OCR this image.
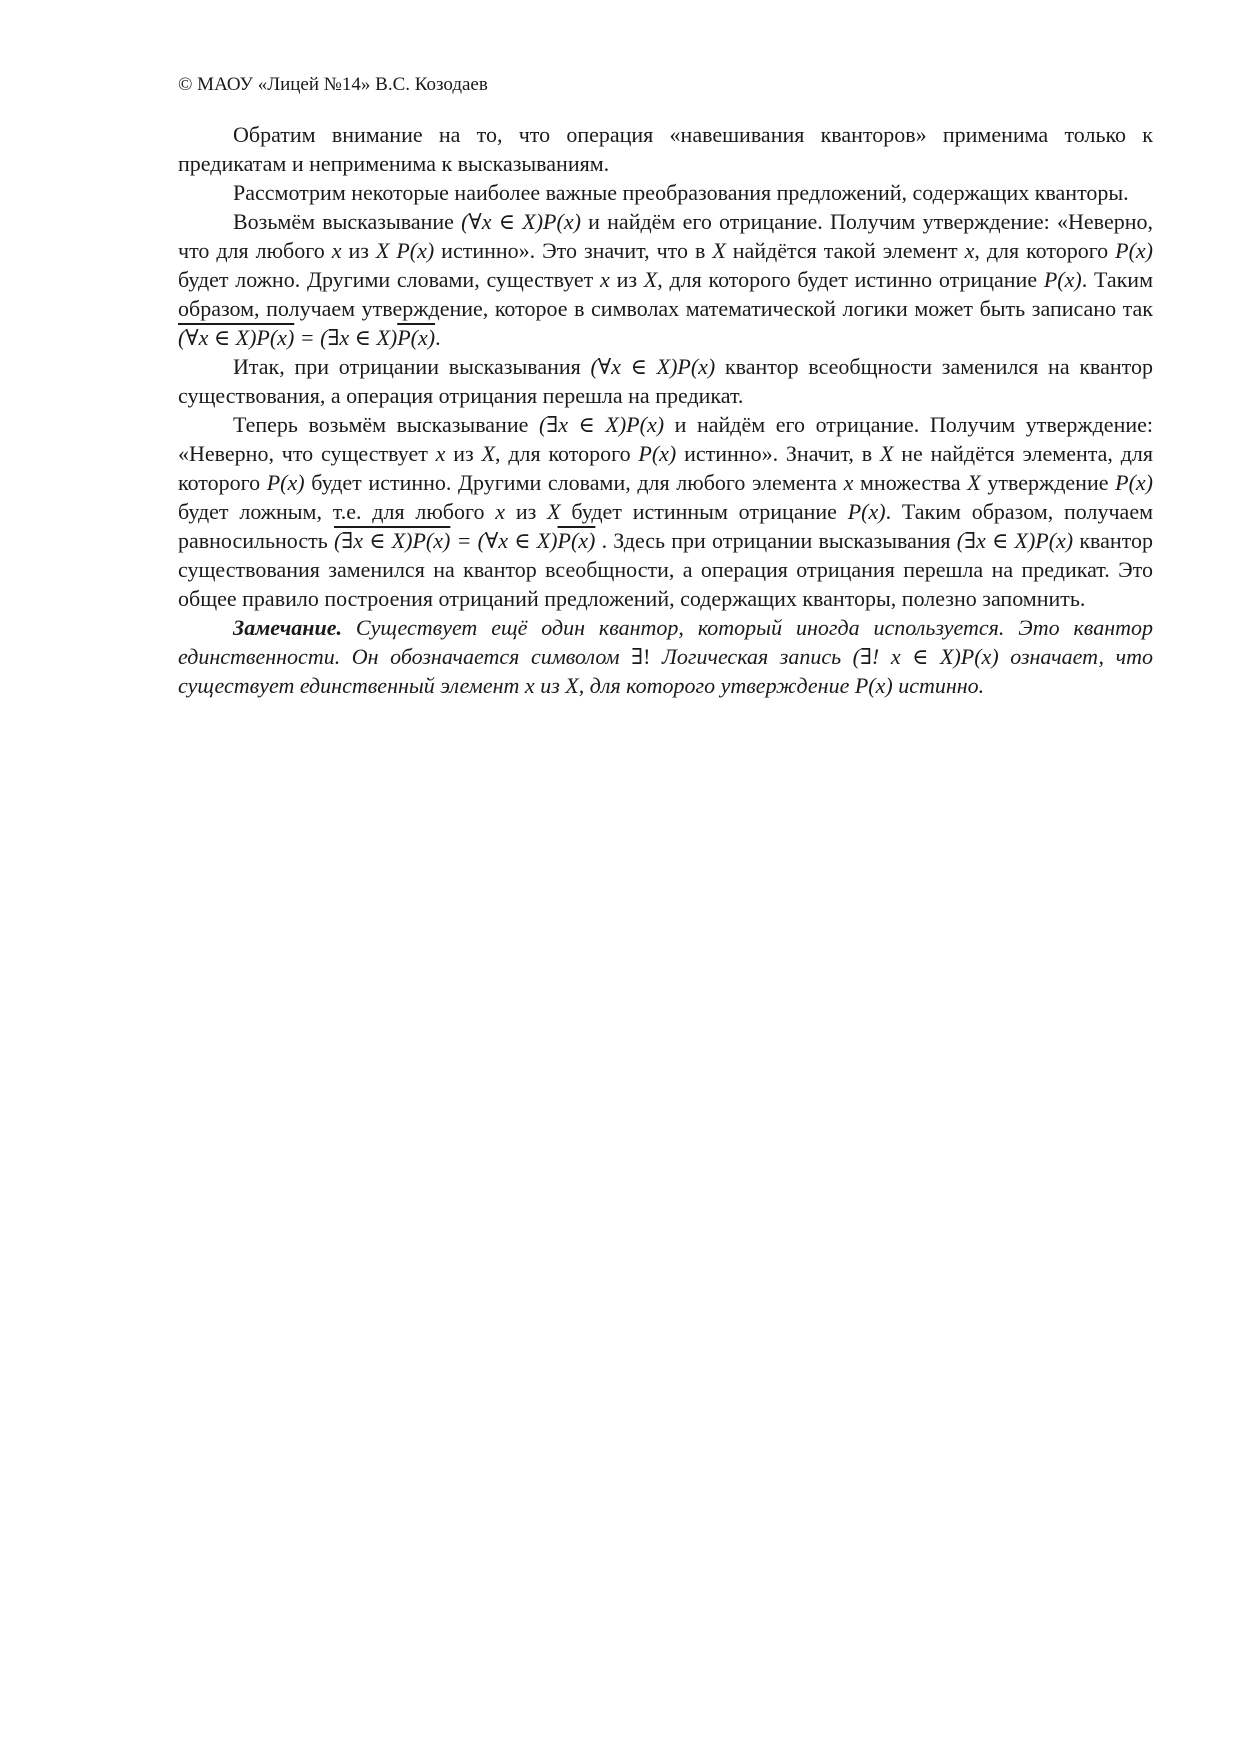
© МАОУ «Лицей №14» В.С. Козодаев

Обратим внимание на то, что операция «навешивания кванторов» применима только к предикатам и неприменима к высказываниям.

Рассмотрим некоторые наиболее важные преобразования предложений, содержащих кванторы.

Возьмём высказывание (∀x ∈ X)P(x) и найдём его отрицание. Получим утверждение: «Неверно, что для любого x из X P(x) истинно». Это значит, что в X найдётся такой элемент x, для которого P(x) будет ложно. Другими словами, существует x из X, для которого будет истинно отрицание P(x). Таким образом, получаем утверждение, которое в символах математической логики может быть записано так (∀x ∈ X)P(x) = (∃x ∈ X)P(x).

Итак, при отрицании высказывания (∀x ∈ X)P(x) квантор всеобщности заменился на квантор существования, а операция отрицания перешла на предикат.

Теперь возьмём высказывание (∃x ∈ X)P(x) и найдём его отрицание. Получим утверждение: «Неверно, что существует x из X, для которого P(x) истинно». Значит, в X не найдётся элемента, для которого P(x) будет истинно. Другими словами, для любого элемента x множества X утверждение P(x) будет ложным, т.е. для любого x из X будет истинным отрицание P(x). Таким образом, получаем равносильность (∃x ∈ X)P(x) = (∀x ∈ X)P(x) . Здесь при отрицании высказывания (∃x ∈ X)P(x) квантор существования заменился на квантор всеобщности, а операция отрицания перешла на предикат. Это общее правило построения отрицаний предложений, содержащих кванторы, полезно запомнить.

Замечание. Существует ещё один квантор, который иногда используется. Это квантор единственности. Он обозначается символом ∃! Логическая запись (∃! x ∈ X)P(x) означает, что существует единственный элемент x из X, для которого утверждение P(x) истинно.
